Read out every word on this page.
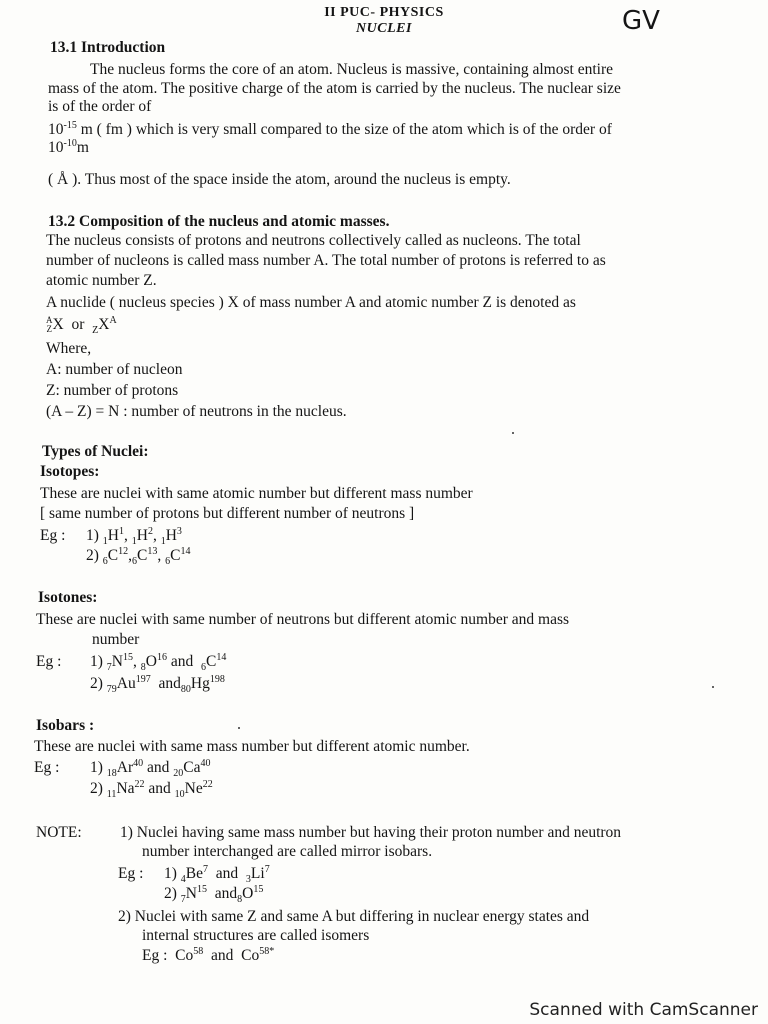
II PUC- PHYSICS
NUCLEI	GV
13.1 Introduction
The nucleus forms the core of an atom. Nucleus is massive, containing almost entire
mass of the atom. The positive charge of the atom is carried by the nucleus. The nuclear size
is of the order of
$10^{-15}$ m ( fm ) which is very small compared to the size of the atom which is of the order of
$10^{-10}m$
( Å ). Thus most of the space inside the atom, around the nucleus is empty.
13.2 Composition of the nucleus and atomic masses.
The nucleus consists of protons and neutrons collectively called as nucleons. The total
number of nucleons is called mass number A. The total number of protons is referred to as
atomic number Z.
A nuclide ( nucleus species ) X of mass number A and atomic number Z is denoted as
A
ZX  or  $_ZX^A$
Where,
A: number of nucleon
Z: number of protons
(A – Z) = N : number of neutrons in the nucleus.
Types of Nuclei:
Isotopes:
These are nuclei with same atomic number but different mass number
[ same number of protons but different number of neutrons ]
Eg : 1) $_1H^1$, $_1H^2$, $_1H^3$
2) $_6C^{12},_6C^{13}$, $_6C^{14}$
Isotones:
These are nuclei with same number of neutrons but different atomic number and mass
number
Eg : 1) $_7N^{15}$, $_8O^{16}$ and  $_6C^{14}$
2) $_{79}Au^{197}$  $and_{80}Hg^{198}$
Isobars :
These are nuclei with same mass number but different atomic number.
Eg : 1) $_{18}Ar^{40}$ and $_{20}Ca^{40}$
2) $_{11}Na^{22}$ and $_{10}Ne^{22}$
NOTE: 1) Nuclei having same mass number but having their proton number and neutron
number interchanged are called mirror isobars.
Eg : 1) $_4Be^7$  and  $_3Li^7$
2) $_7N^{15}$  $and_8O^{15}$
2) Nuclei with same Z and same A but differing in nuclear energy states and
internal structures are called isomers
Eg : Co$^{58}$  and  $Co^{58*}$
Scanned with CamScanner
